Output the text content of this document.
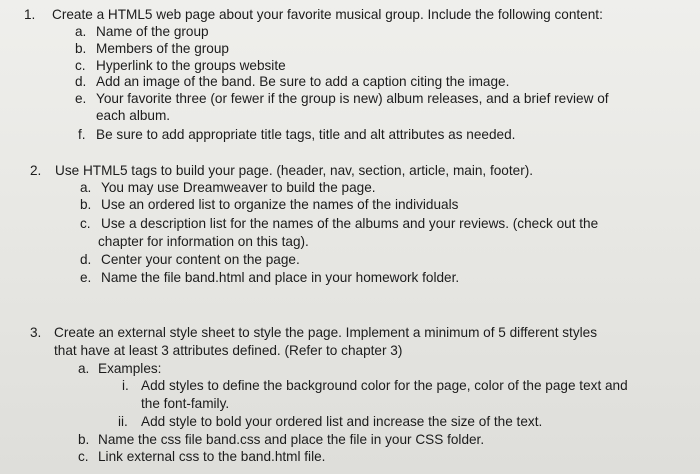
1. Create a HTML5 web page about your favorite musical group. Include the following content:
a. Name of the group
b. Members of the group
c. Hyperlink to the groups website
d. Add an image of the band. Be sure to add a caption citing the image.
e. Your favorite three (or fewer if the group is new) album releases, and a brief review of
each album.
f. Be sure to add appropriate title tags, title and alt attributes as needed.
2. Use HTML5 tags to build your page. (header, nav, section, article, main, footer).
a. You may use Dreamweaver to build the page.
b. Use an ordered list to organize the names of the individuals
c. Use a description list for the names of the albums and your reviews. (check out the
chapter for information on this tag).
d. Center your content on the page.
e. Name the file band.html and place in your homework folder.
3. Create an external style sheet to style the page. Implement a minimum of 5 different styles
that have at least 3 attributes defined. (Refer to chapter 3)
a. Examples:
i. Add styles to define the background color for the page, color of the page text and
the font-family.
ii. Add style to bold your ordered list and increase the size of the text.
b. Name the css file band.css and place the file in your CSS folder.
c. Link external css to the band.html file.
